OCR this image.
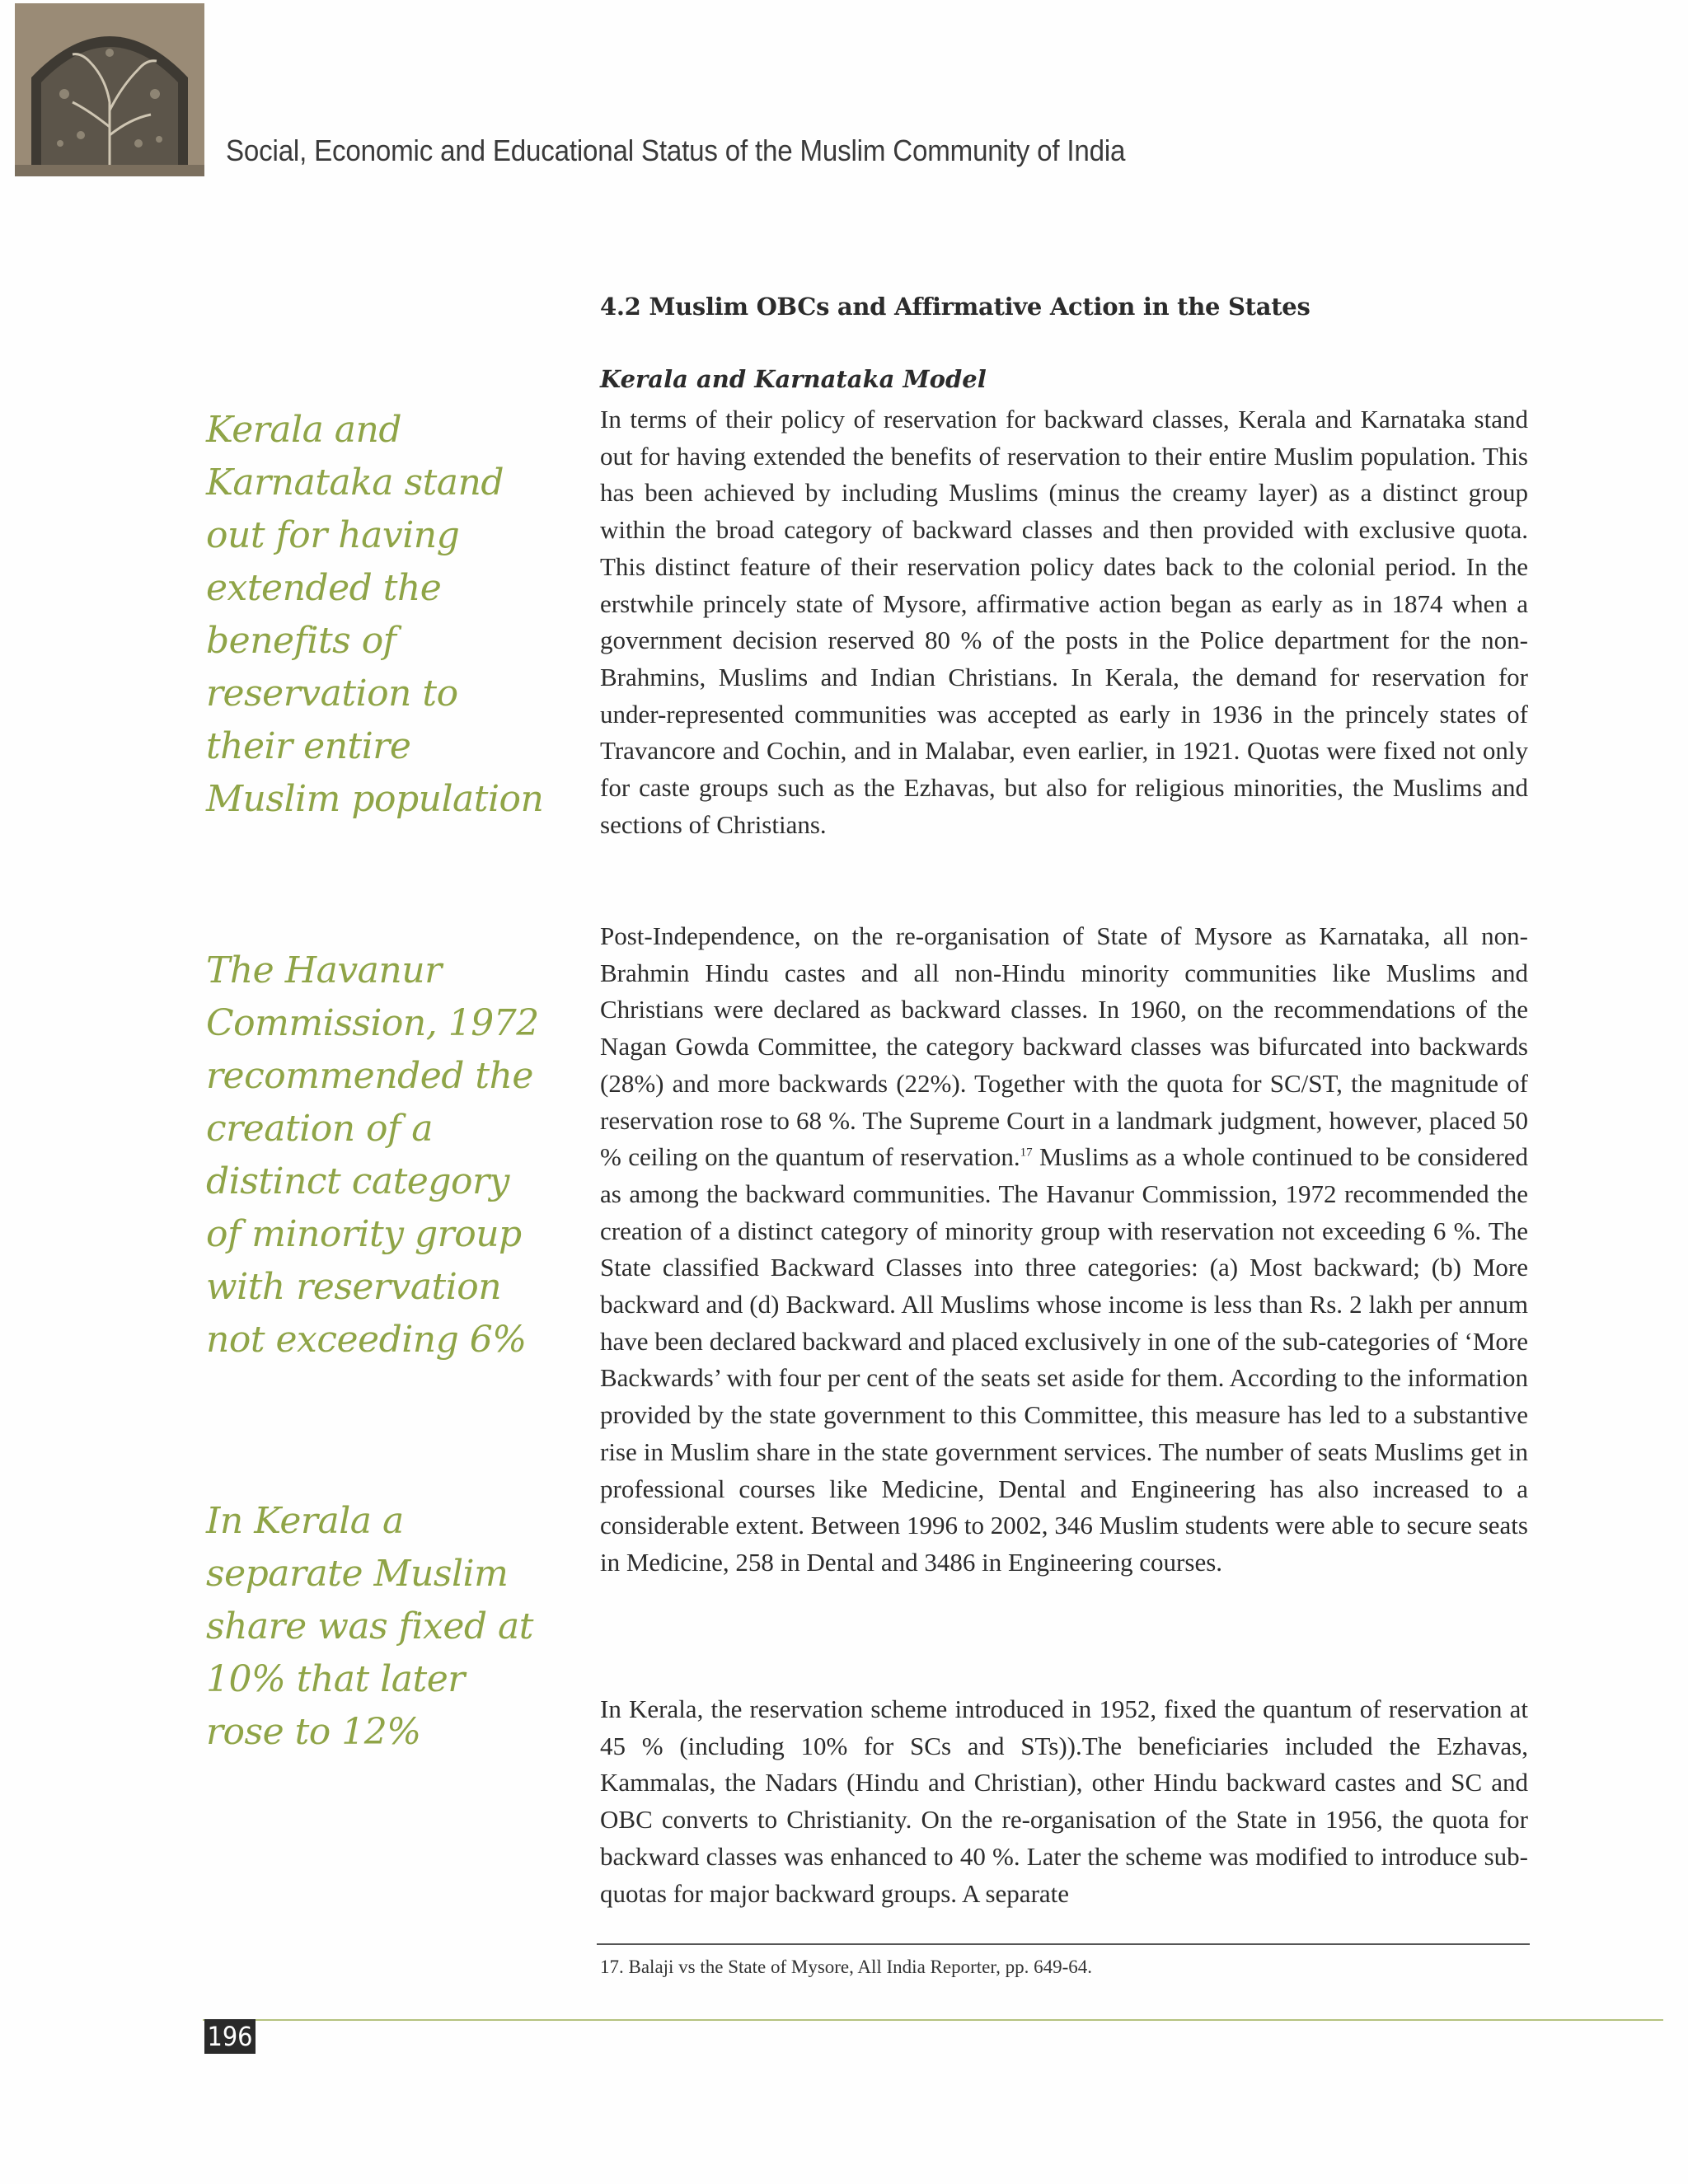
Social, Economic and Educational Status of the Muslim Community of India
Kerala and Karnataka stand out for having extended the benefits of reservation to their entire Muslim population
The Havanur Commission, 1972 recommended the creation of a distinct category of minority group with reservation not exceeding 6%
In Kerala a separate Muslim share was fixed at 10% that later rose to 12%
4.2 Muslim OBCs and Affirmative Action in the States
Kerala and Karnataka Model

In terms of their policy of reservation for backward classes, Kerala and Karnataka stand out for having extended the benefits of reservation to their entire Muslim population. This has been achieved by including Muslims (minus the creamy layer) as a distinct group within the broad category of backward classes and then provided with exclusive quota. This distinct feature of their reservation policy dates back to the colonial period. In the erstwhile princely state of Mysore, affirmative action began as early as in 1874 when a government decision reserved 80 % of the posts in the Police department for the non-Brahmins, Muslims and Indian Christians. In Kerala, the demand for reservation for under-represented communities was accepted as early in 1936 in the princely states of Travancore and Cochin, and in Malabar, even earlier, in 1921. Quotas were fixed not only for caste groups such as the Ezhavas, but also for religious minorities, the Muslims and sections of Christians.

Post-Independence, on the re-organisation of State of Mysore as Karnataka, all non-Brahmin Hindu castes and all non-Hindu minority communities like Muslims and Christians were declared as backward classes. In 1960, on the recommendations of the Nagan Gowda Committee, the category backward classes was bifurcated into backwards (28%) and more backwards (22%). Together with the quota for SC/ST, the magnitude of reservation rose to 68 %. The Supreme Court in a landmark judgment, however, placed 50 % ceiling on the quantum of reservation.$^{17}$ Muslims as a whole continued to be considered as among the backward communities. The Havanur Commission, 1972 recommended the creation of a distinct category of minority group with reservation not exceeding 6 %. The State classified Backward Classes into three categories: (a) Most backward; (b) More backward and (d) Backward. All Muslims whose income is less than Rs. 2 lakh per annum have been declared backward and placed exclusively in one of the sub-categories of ‘More Backwards’ with four per cent of the seats set aside for them. According to the information provided by the state government to this Committee, this measure has led to a substantive rise in Muslim share in the state government services. The number of seats Muslims get in professional courses like Medicine, Dental and Engineering has also increased to a considerable extent. Between 1996 to 2002, 346 Muslim students were able to secure seats in Medicine, 258 in Dental and 3486 in Engineering courses.

In Kerala, the reservation scheme introduced in 1952, fixed the quantum of reservation at 45 % (including 10% for SCs and STs)).The beneficiaries included the Ezhavas, Kammalas, the Nadars (Hindu and Christian), other Hindu backward castes and SC and OBC converts to Christianity. On the re-organisation of the State in 1956, the quota for backward classes was enhanced to 40 %. Later the scheme was modified to introduce sub-quotas for major backward groups. A separate

17. Balaji vs the State of Mysore, All India Reporter, pp. 649-64.
196
